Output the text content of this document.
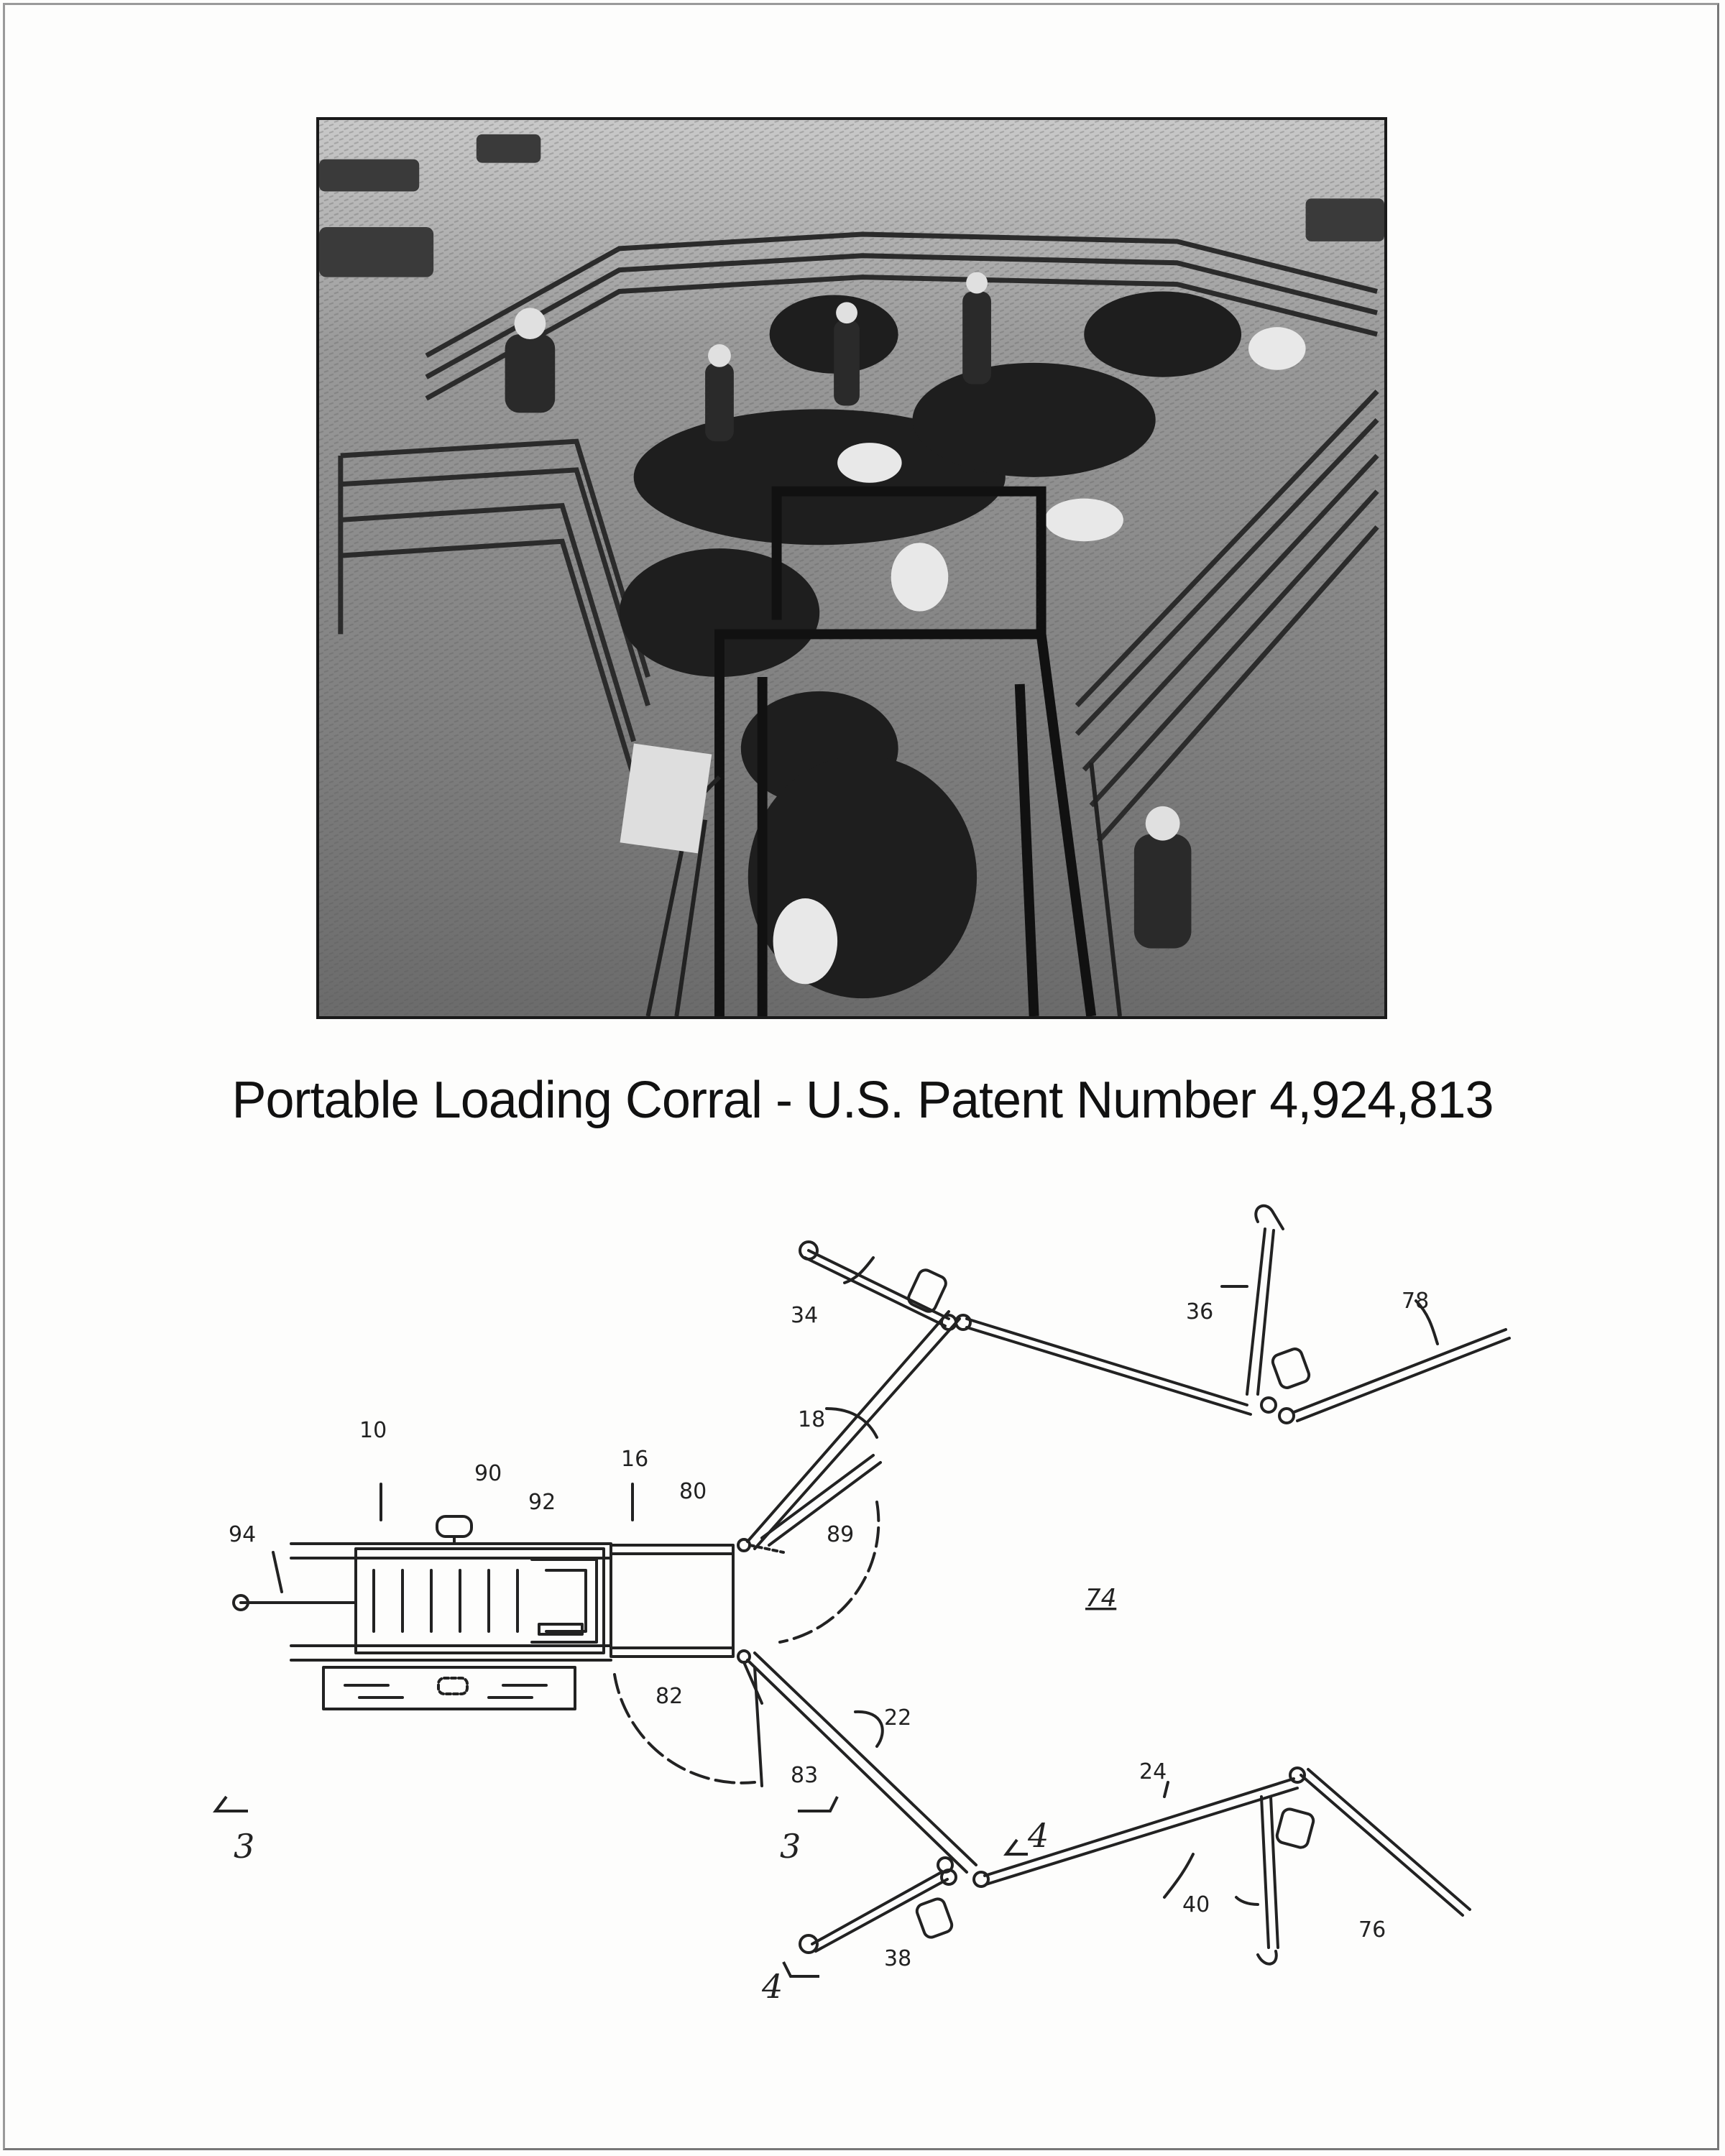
Portable Loading Corral - U.S. Patent Number 4,924,813
10
90
92
94
16
80
89
82
83
18
34	36	78
74
22
24
38
40
76
3	3	4
4
